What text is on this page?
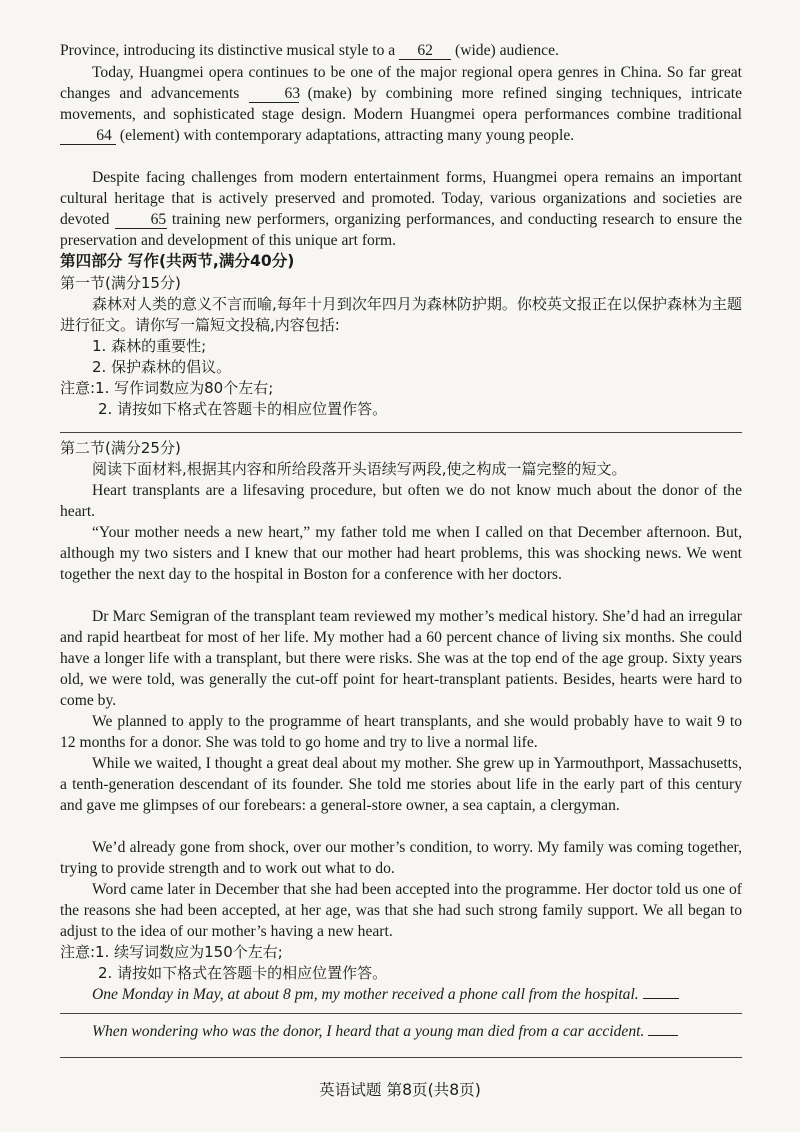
Province, introducing its distinctive musical style to a 62 (wide) audience.

Today, Huangmei opera continues to be one of the major regional opera genres in China. So far great changes and advancements 63 (make) by combining more refined singing techniques, intricate movements, and sophisticated stage design. Modern Huangmei opera performances combine traditional 64 (element) with contemporary adaptations, attracting many young people.

Despite facing challenges from modern entertainment forms, Huangmei opera remains an important cultural heritage that is actively preserved and promoted. Today, various organizations and societies are devoted 65 training new performers, organizing performances, and conducting research to ensure the preservation and development of this unique art form.

第四部分 写作(共两节,满分40分)
第一节(满分15分)

森林对人类的意义不言而喻,每年十月到次年四月为森林防护期。你校英文报正在以保护森林为主题进行征文。请你写一篇短文投稿,内容包括:

1. 森林的重要性;
2. 保护森林的倡议。
注意:1. 写作词数应为80个左右;
2. 请按如下格式在答题卡的相应位置作答。
第二节(满分25分)
阅读下面材料,根据其内容和所给段落开头语续写两段,使之构成一篇完整的短文。

Heart transplants are a lifesaving procedure, but often we do not know much about the donor of the heart.

“Your mother needs a new heart,” my father told me when I called on that December afternoon. But, although my two sisters and I knew that our mother had heart problems, this was shocking news. We went together the next day to the hospital in Boston for a conference with her doctors.

Dr Marc Semigran of the transplant team reviewed my mother’s medical history. She’d had an irregular and rapid heartbeat for most of her life. My mother had a 60 percent chance of living six months. She could have a longer life with a transplant, but there were risks. She was at the top end of the age group. Sixty years old, we were told, was generally the cut-off point for heart-transplant patients. Besides, hearts were hard to come by.

We planned to apply to the programme of heart transplants, and she would probably have to wait 9 to 12 months for a donor. She was told to go home and try to live a normal life.

While we waited, I thought a great deal about my mother. She grew up in Yarmouthport, Massachusetts, a tenth-generation descendant of its founder. She told me stories about life in the early part of this century and gave me glimpses of our forebears: a general-store owner, a sea captain, a clergyman.

We’d already gone from shock, over our mother’s condition, to worry. My family was coming together, trying to provide strength and to work out what to do.

Word came later in December that she had been accepted into the programme. Her doctor told us one of the reasons she had been accepted, at her age, was that she had such strong family support. We all began to adjust to the idea of our mother’s having a new heart.

注意:1. 续写词数应为150个左右;
2. 请按如下格式在答题卡的相应位置作答。
One Monday in May, at about 8 pm, my mother received a phone call from the hospital.
When wondering who was the donor, I heard that a young man died from a car accident.
英语试题 第8页(共8页)
